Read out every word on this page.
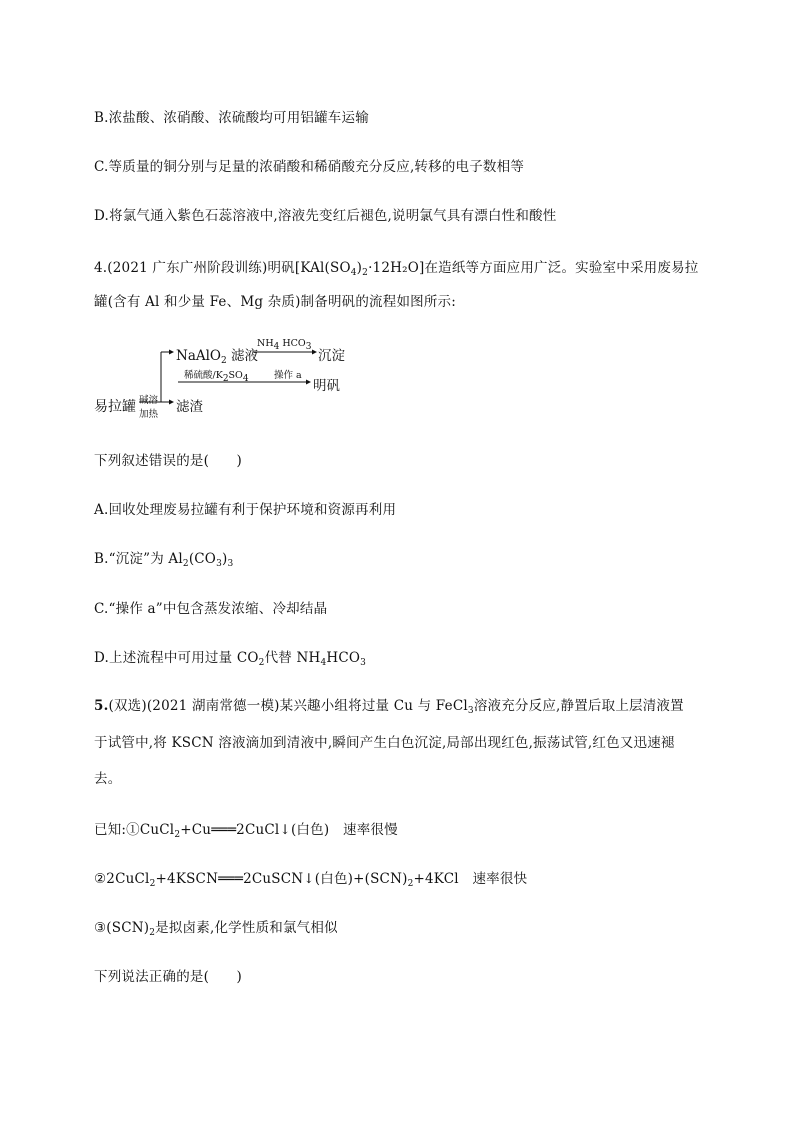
B.浓盐酸、浓硝酸、浓硫酸均可用铝罐车运输
C.等质量的铜分别与足量的浓硝酸和稀硝酸充分反应,转移的电子数相等
D.将氯气通入紫色石蕊溶液中,溶液先变红后褪色,说明氯气具有漂白性和酸性
4.(2021 广东广州阶段训练)明矾$[KAl(SO_4)_2\cdot 12H_2O]$在造纸等方面应用广泛。实验室中采用废易拉
罐(含有 Al 和少量 Fe、Mg 杂质)制备明矾的流程如图所示:
易拉罐 碱溶
加热
NaAlO$_2$ 滤液
$NH_4$ $HCO_3$
沉淀
稀硫酸$/K_2SO_4$	操作 a
明矾
滤渣
下列叙述错误的是(　　)
A.回收处理废易拉罐有利于保护环境和资源再利用
B.“沉淀”为 $Al_2(CO_3)_3$
C.“操作 a”中包含蒸发浓缩、冷却结晶
D.上述流程中可用过量 $CO_2$代替 $NH_4HCO_3$
5.(双选)(2021 湖南常德一模)某兴趣小组将过量 Cu 与 FeCl$_3$溶液充分反应,静置后取上层清液置
于试管中,将 KSCN 溶液滴加到清液中,瞬间产生白色沉淀,局部出现红色,振荡试管,红色又迅速褪
去。
已知:①CuCl$_2$+Cu═══2CuCl↓(白色)　速率很慢
②2CuCl$_2$+4KSCN═══2CuSCN↓(白色)$+(SCN)_2+4KCl$　速率很快
$③(SCN)_2$是拟卤素,化学性质和氯气相似
下列说法正确的是(　　)
